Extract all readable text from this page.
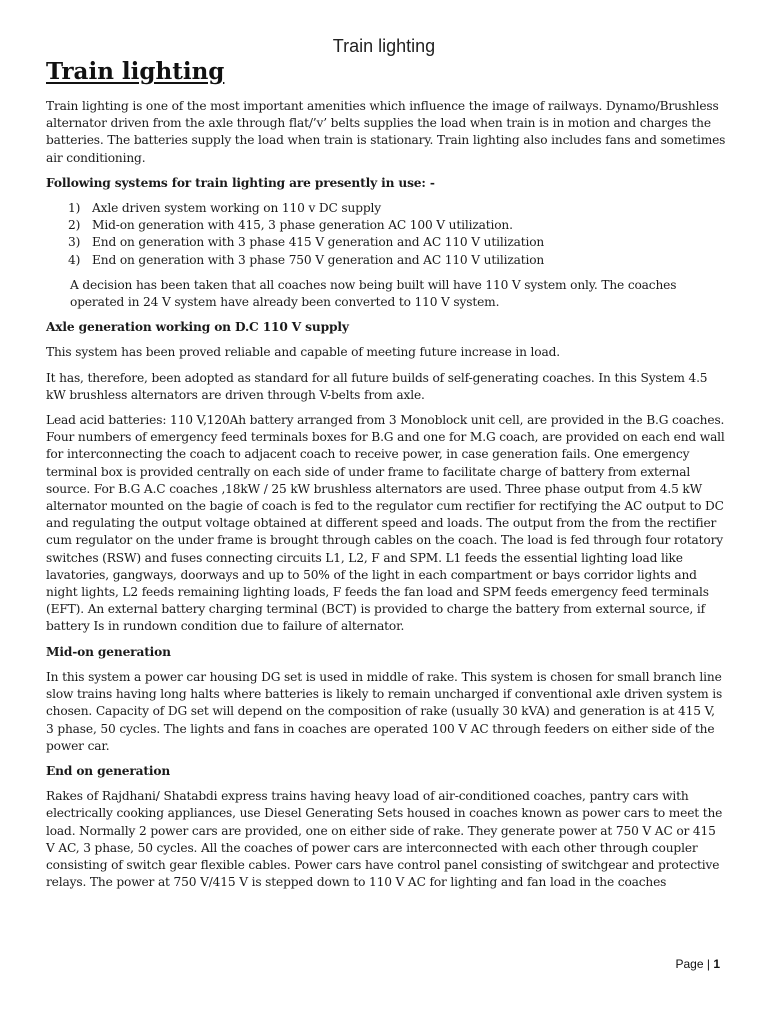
Train lighting
Train lighting

Train lighting is one of the most important amenities which influence the image of railways. Dynamo/Brushless alternator driven from the axle through flat/’v’ belts supplies the load when train is in motion and charges the batteries. The batteries supply the load when train is stationary. Train lighting also includes fans and sometimes air conditioning.

Following systems for train lighting are presently in use: -
1) Axle driven system working on 110 v DC supply
2) Mid-on generation with 415, 3 phase generation AC 100 V utilization.
3) End on generation with 3 phase 415 V generation and AC 110 V utilization
4) End on generation with 3 phase 750 V generation and AC 110 V utilization

A decision has been taken that all coaches now being built will have 110 V system only. The coaches operated in 24 V system have already been converted to 110 V system.

Axle generation working on D.C 110 V supply

This system has been proved reliable and capable of meeting future increase in load.

It has, therefore, been adopted as standard for all future builds of self-generating coaches. In this System 4.5 kW brushless alternators are driven through V-belts from axle.

Lead acid batteries: 110 V,120Ah battery arranged from 3 Monoblock unit cell, are provided in the B.G coaches. Four numbers of emergency feed terminals boxes for B.G and one for M.G coach, are provided on each end wall for interconnecting the coach to adjacent coach to receive power, in case generation fails. One emergency terminal box is provided centrally on each side of under frame to facilitate charge of battery from external source. For B.G A.C coaches ,18kW / 25 kW brushless alternators are used. Three phase output from 4.5 kW alternator mounted on the bagie of coach is fed to the regulator cum rectifier for rectifying the AC output to DC and regulating the output voltage obtained at different speed and loads. The output from the from the rectifier cum regulator on the under frame is brought through cables on the coach. The load is fed through four rotatory switches (RSW) and fuses connecting circuits L1, L2, F and SPM. L1 feeds the essential lighting load like lavatories, gangways, doorways and up to 50% of the light in each compartment or bays corridor lights and night lights, L2 feeds remaining lighting loads, F feeds the fan load and SPM feeds emergency feed terminals (EFT). An external battery charging terminal (BCT) is provided to charge the battery from external source, if battery Is in rundown condition due to failure of alternator.

Mid-on generation

In this system a power car housing DG set is used in middle of rake. This system is chosen for small branch line slow trains having long halts where batteries is likely to remain uncharged if conventional axle driven system is chosen. Capacity of DG set will depend on the composition of rake (usually 30 kVA) and generation is at 415 V, 3 phase, 50 cycles. The lights and fans in coaches are operated 100 V AC through feeders on either side of the power car.

End on generation

Rakes of Rajdhani/ Shatabdi express trains having heavy load of air-conditioned coaches, pantry cars with electrically cooking appliances, use Diesel Generating Sets housed in coaches known as power cars to meet the load. Normally 2 power cars are provided, one on either side of rake. They generate power at 750 V AC or 415 V AC, 3 phase, 50 cycles. All the coaches of power cars are interconnected with each other through coupler consisting of switch gear flexible cables. Power cars have control panel consisting of switchgear and protective relays. The power at 750 V/415 V is stepped down to 110 V AC for lighting and fan load in the coaches

Page | 1
